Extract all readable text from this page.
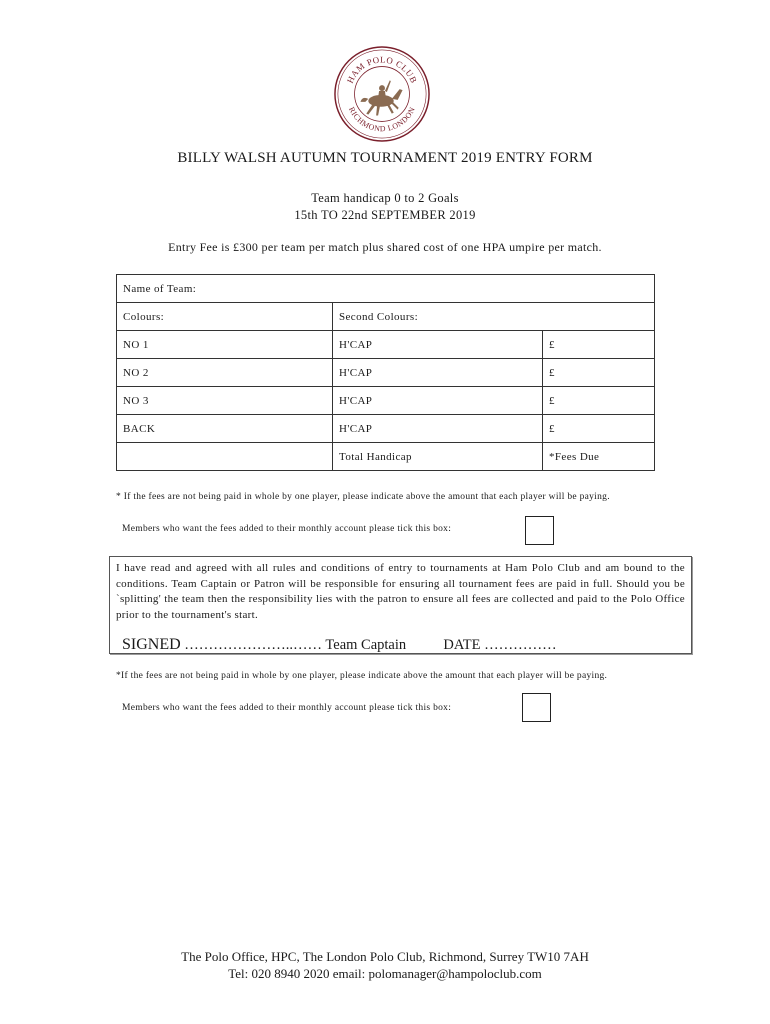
HAM POLO CLUB
RICHMOND LONDON
BILLY WALSH AUTUMN TOURNAMENT 2019 ENTRY FORM
Team handicap 0 to 2 Goals
15th TO 22nd SEPTEMBER 2019
Entry Fee is £300 per team per match plus shared cost of one HPA umpire per match.
Name of Team:		
Colours:	Second Colours:	
NO 1	H'CAP	£
NO 2	H'CAP	£
NO 3	H'CAP	£
BACK	H'CAP	£
	Total Handicap	*Fees Due
* If the fees are not being paid in whole by one player, please indicate above the amount that each player will be paying.
Members who want the fees added to their monthly account please tick this box:
I have read and agreed with all rules and conditions of entry to tournaments at Ham Polo Club and am bound to the conditions. Team Captain or Patron will be responsible for ensuring all tournament fees are paid in full. Should you be `splitting' the team then the responsibility lies with the patron to ensure all fees are collected and paid to the Polo Office prior to the tournament's start.
SIGNED …………………..…… Team Captain	DATE ……………
*If the fees are not being paid in whole by one player, please indicate above the amount that each player will be paying.
Members who want the fees added to their monthly account please tick this box:
The Polo Office, HPC, The London Polo Club, Richmond, Surrey TW10 7AH
Tel: 020 8940 2020 email: polomanager@hampoloclub.com
